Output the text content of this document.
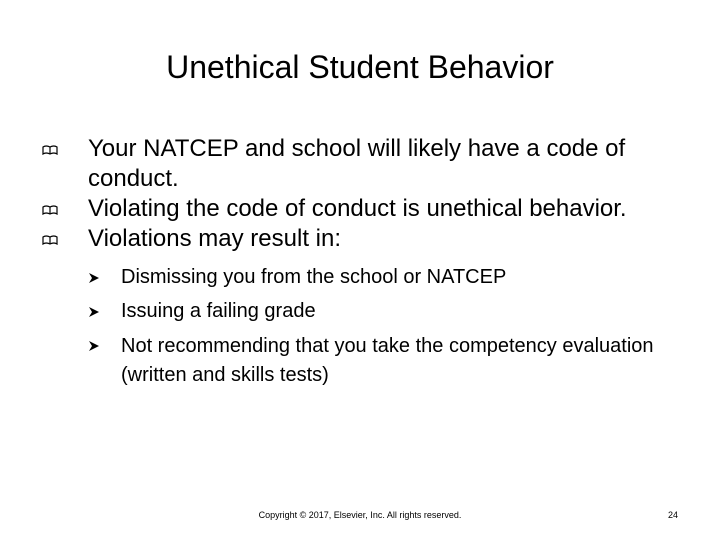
Unethical Student Behavior
Your NATCEP and school will likely have a code of conduct.
Violating the code of conduct is unethical behavior.
Violations may result in:
Dismissing you from the school or NATCEP
Issuing a failing grade
Not recommending that you take the competency evaluation (written and skills tests)
Copyright © 2017, Elsevier, Inc. All rights reserved.	24
